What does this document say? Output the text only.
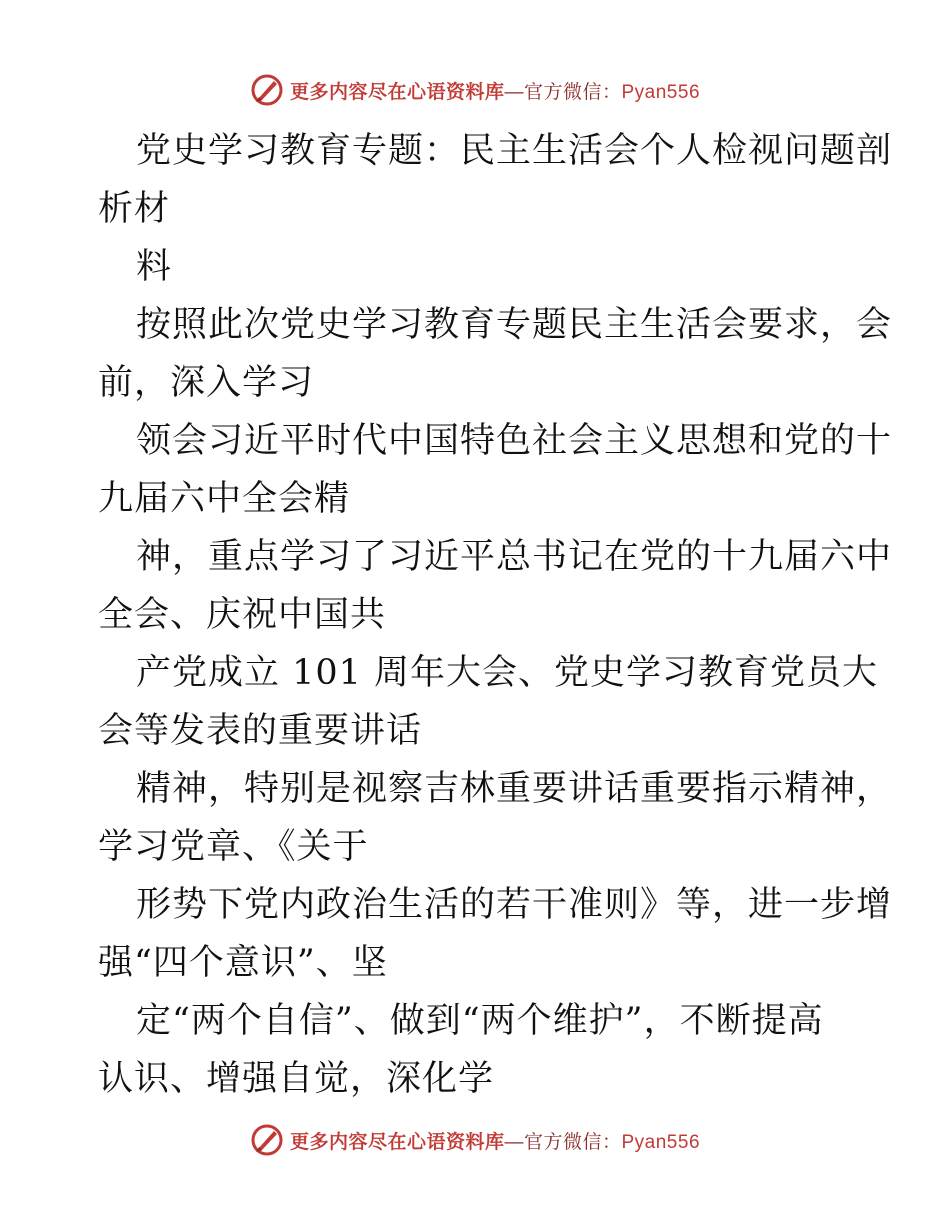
更多内容尽在心语资料库—官方微信：Pyan556
党史学习教育专题：民主生活会个人检视问题剖
析材
料
按照此次党史学习教育专题民主生活会要求，会
前，深入学习
领会习近平时代中国特色社会主义思想和党的十
九届六中全会精
神，重点学习了习近平总书记在党的十九届六中
全会、庆祝中国共
产党成立 101 周年大会、党史学习教育党员大
会等发表的重要讲话
精神，特别是视察吉林重要讲话重要指示精神，
学习党章、《关于
形势下党内政治生活的若干准则》等，进一步增
强“四个意识”、坚
定“两个自信”、做到“两个维护”，不断提高
认识、增强自觉，深化学
更多内容尽在心语资料库—官方微信：Pyan556
